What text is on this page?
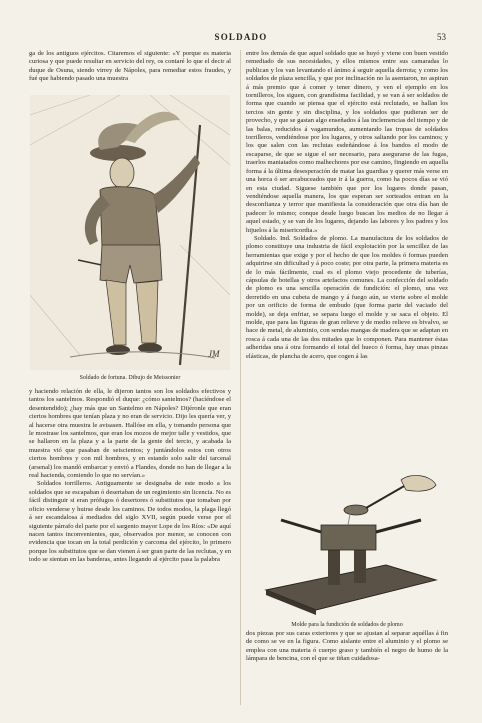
SOLDADO	53

ga de los antiguos ejércitos. Citaremos el siguiente: «Y porque es materia curiosa y que puede resultar en servicio del rey, os contaré lo que el decir al duque de Osuna, siendo virrey de Nápoles, para remediar estos fraudes, y fué que habiendo pasado una muestra

JM
Soldado de fortuna. Dibujo de Meissonier

y haciendo relación de ella, le dijeron tantos son los soldados efectivos y tantos los santelmos. Respondió el duque: ¿cómo santelmos? (hacíéndose el desentendido); ¿hay más que un Santelmo en Nápoles? Dijéronle que eran ciertos hombres que tenían plaza y no eran de servicio. Dijo les quería ver, y al hacerse otra muestra le avisasen. Hallóse en ella, y tomando persona que le mostrase los santelmos, que eran los mozos de mejor talle y vestidos, que se hallaron en la plaza y a la parte de la gente del tercio, y acabada la muestra vió que pasaban de seiscientos; y juntándolos estos con otros ciertos hombres y con mil hombres, y en estando solo salir del tarcenal (arsenal) los mandó embarcar y envió a Flandes, donde no han de llegar a la real hacienda, comiendo lo que no servían.»

Soldados torrilleros. Antiguamente se designaba de este modo a los soldados que se escapaban ó desertaban de un regimiento sin licencia. No es fácil distinguir si eran prófugos ó desertores ó substitutos que tomaban por oficio venderse y huirse desde los caminos. De todos modos, la plaga llegó á ser escandalosa á mediados del siglo XVII, según puede verse por el siguiente párrafo del parte por el sargento mayor Lope de los Ríos: «De aquí nacen tantos inconvenientes, que, observados por menor, se conocen con evidencia que tocan en la total perdición y carcoma del ejército, lo primero porque los substitutos que se dan vienen á ser gran parte de las reclutas, y en todo se sientan en las banderas, antes llegando al ejército pasa la palabra

entre los demás de que aquel soldado que se huyó y viene con buen vestido remediado de sus necesidades, y ellos mismos entre sus camaradas lo publican y los van levantando el ánimo á seguir aquella derrota; y como los soldados de plaza sencilla, y que por inclinación no la asentaron, no aspiran á más premio que á comer y tener dinero, y ven el ejemplo en los tornilleros, los siguen, con grandísima facilidad, y se van á ser soldados de forma que cuando se piensa que el ejército está reclutado, se hallan los tercios sin gente y sin disciplina, y los soldados que pudieran ser de provecho, y que se gastan algo enseñados á las inclemencias del tiempo y de las balas, reducidos á vagamundos, aumentando las tropas de soldados torrilleros, vendiéndose por los lugares, y otros saltando por los caminos; y los que salen con las reclutas esdeñándose á los bandos el modo de escaparse, de que se sigue el ser necesario, para asegurarse de las fugas, traerlos maniatados como malhechores por ese camino, fingiendo en aquella forma á la última desesperación de matar las guardias y querer más verse en una horca ó ser arcabuceados que ir á la guerra, como ha pocos días se vió en esta ciudad. Siguese también que por los lugares donde pasan, vendiéndose aquella manera, los que esperan ser sorteados entran en la desconfianza y terror que manifiesta la consideración que otra día han de padecer lo mismo; conque desde luego buscan los medios de no llegar á aquel estado, y se van de los lugares, dejando las labores y los padres y los hijuelos á la misericordia.»

Soldado. Ind. Soldados de plomo. La manufactura de los soldados de plomo constituye una industria de fácil explotación por la sencillez de las herramientas que exige y por el hecho de que los moldes ó formas pueden adquirirse sin dificultad y á poco coste; por otra parte, la primera materia es de lo más fácilmente, cual es el plomo viejo procedente de tuberías, cápsulas de botellas y otros artefactos comunes. La confección del soldado de plomo es una sencilla operación de fundición: el plomo, una vez derretido en una cubeta de mango y á fuego aún, se vierte sobre el molde por un orificio de forma de embudo (que forma parte del vaciado del molde), se deja enfriar, se separa luego el molde y se saca el objeto. El molde, que para las figuras de gran relieve y de medio relieve es bivalvo, se hace de metal, de aluminio, con sendas mangas de madera que se adaptan en rosca á cada una de las dos mitades que lo componen. Para mantener éstas adheridas una á otra formando el total del hueco ó forma, hay unas pinzas elásticas, de plancha de acero, que cogen á las

Molde para la fundición de soldados de plomo

dos piezas por sus caras exteriores y que se ajustan al separar aquéllas á fin de como se ve en la figura. Como aislante entre el aluminio y el plomo se emplea con una materia ó cuerpo graso y también el negro de humo de la lámpara de bencina, con el que se tiñan cuidadosa-
